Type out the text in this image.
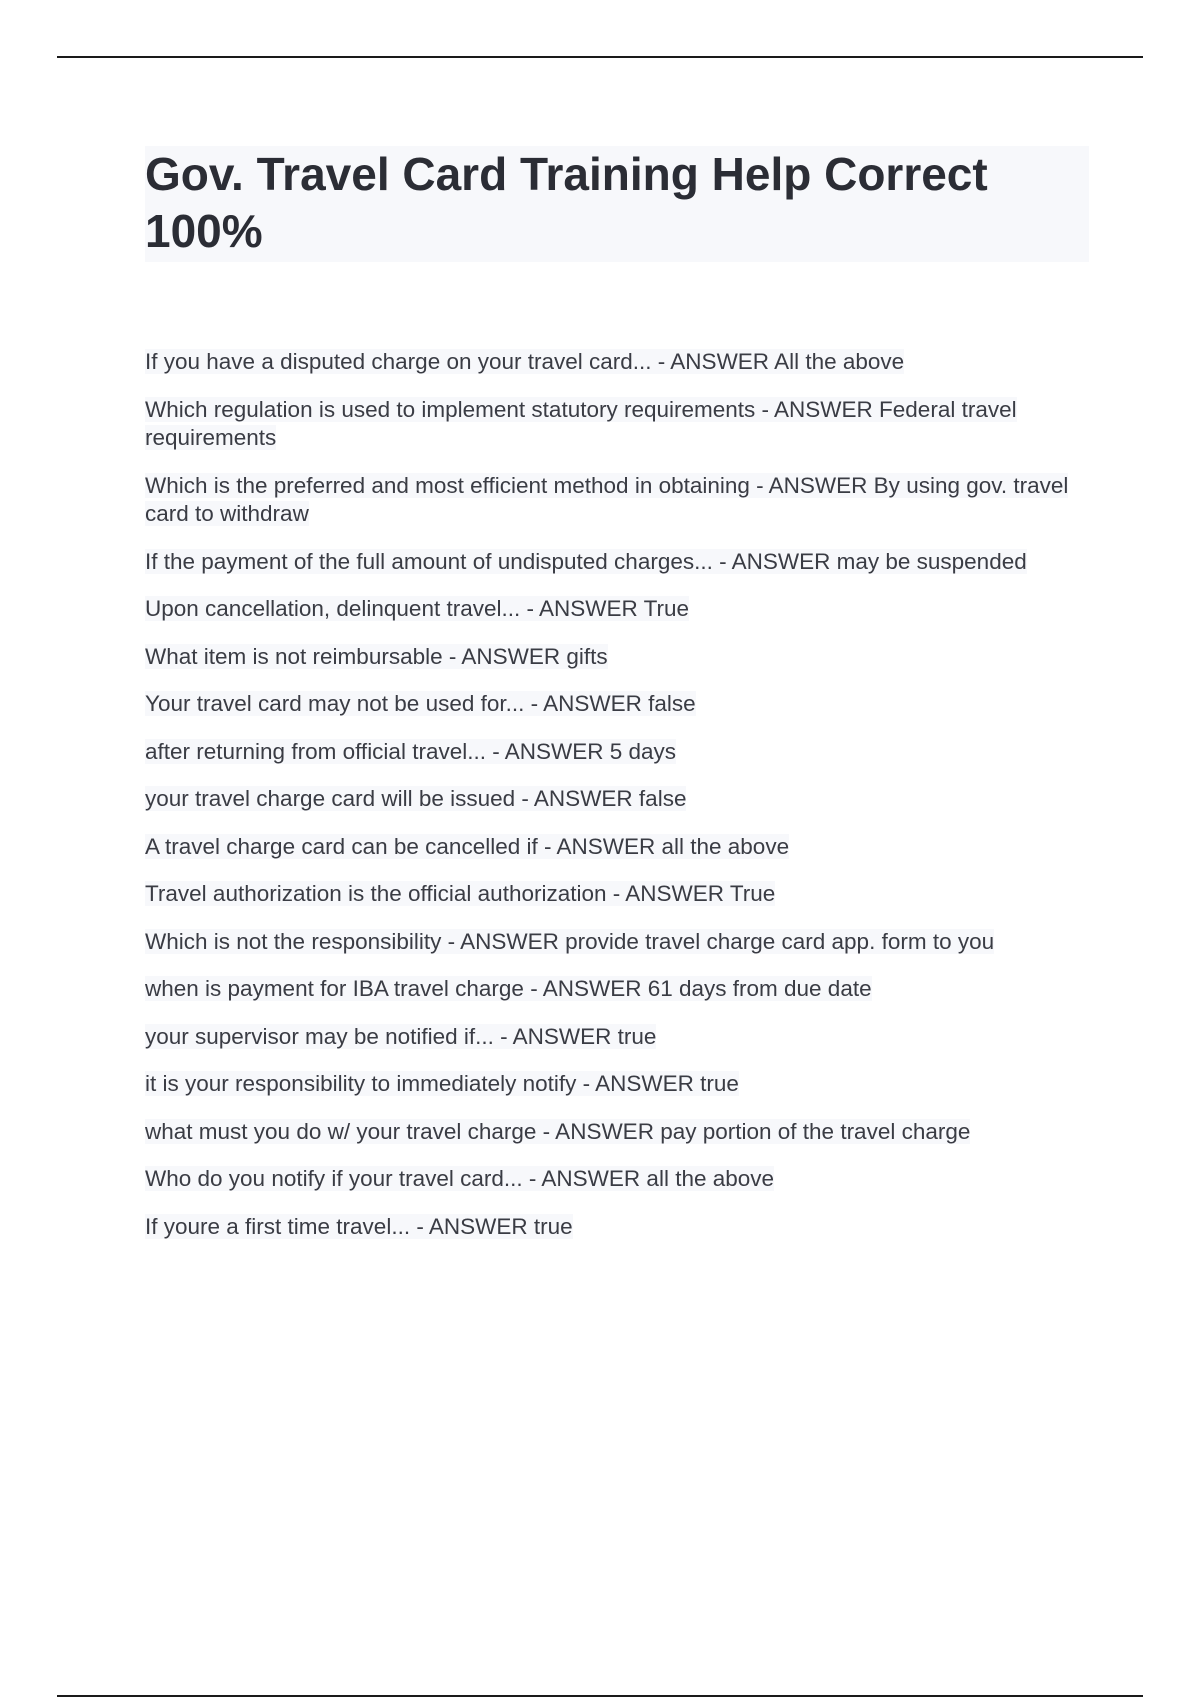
Gov. Travel Card Training Help Correct 100%
If you have a disputed charge on your travel card... - ANSWER All the above
Which regulation is used to implement statutory requirements - ANSWER Federal travel requirements
Which is the preferred and most efficient method in obtaining - ANSWER By using gov. travel card to withdraw
If the payment of the full amount of undisputed charges... - ANSWER may be suspended
Upon cancellation, delinquent travel... - ANSWER True
What item is not reimbursable - ANSWER gifts
Your travel card may not be used for... - ANSWER false
after returning from official travel... - ANSWER 5 days
your travel charge card will be issued - ANSWER false
A travel charge card can be cancelled if - ANSWER all the above
Travel authorization is the official authorization - ANSWER True
Which is not the responsibility - ANSWER provide travel charge card app. form to you
when is payment for IBA travel charge - ANSWER 61 days from due date
your supervisor may be notified if... - ANSWER true
it is your responsibility to immediately notify - ANSWER true
what must you do w/ your travel charge - ANSWER pay portion of the travel charge
Who do you notify if your travel card... - ANSWER all the above
If youre a first time travel... - ANSWER true
